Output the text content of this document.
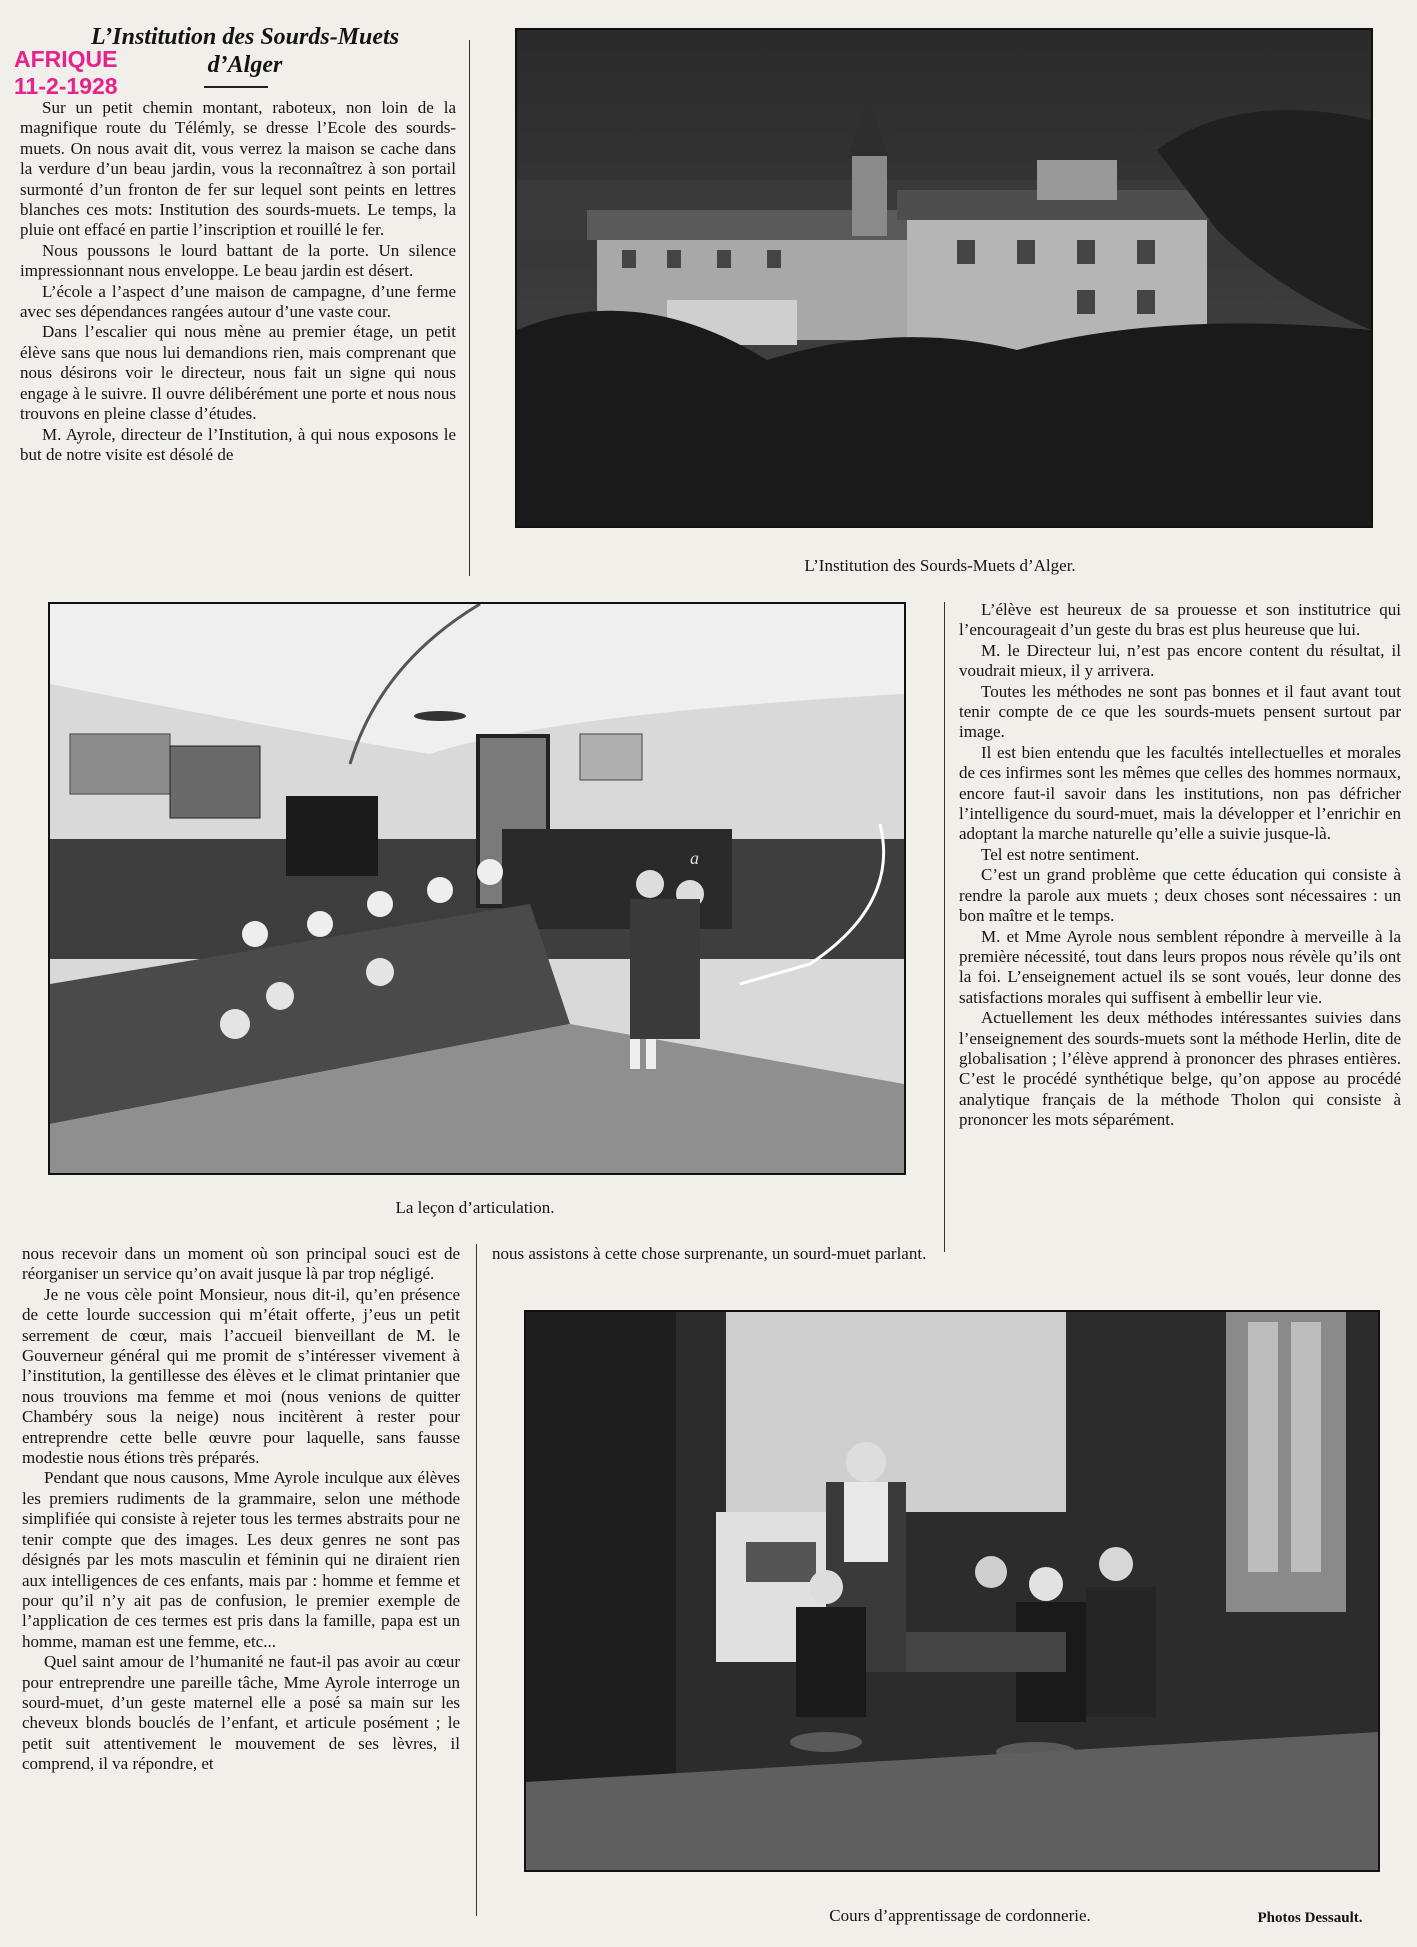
AFRIQUE
11-2-1928
L’Institution des Sourds-Muets
d’Alger

Sur un petit chemin montant, raboteux, non loin de la magnifique route du Télémly, se dresse l’Ecole des sourds-muets. On nous avait dit, vous verrez la maison se cache dans la verdure d’un beau jardin, vous la reconnaîtrez à son portail surmonté d’un fronton de fer sur lequel sont peints en lettres blanches ces mots: Institution des sourds-muets. Le temps, la pluie ont effacé en partie l’inscription et rouillé le fer.

Nous poussons le lourd battant de la porte. Un silence impressionnant nous enveloppe. Le beau jardin est désert.

L’école a l’aspect d’une maison de campagne, d’une ferme avec ses dépendances rangées autour d’une vaste cour.

Dans l’escalier qui nous mène au premier étage, un petit élève sans que nous lui demandions rien, mais comprenant que nous désirons voir le directeur, nous fait un signe qui nous engage à le suivre. Il ouvre délibérément une porte et nous nous trouvons en pleine classe d’études.

M. Ayrole, directeur de l’Institution, à qui nous exposons le but de notre visite est désolé de

L’Institution des Sourds-Muets d’Alger.
a
La leçon d’articulation.

L’élève est heureux de sa prouesse et son institutrice qui l’encourageait d’un geste du bras est plus heureuse que lui.

M. le Directeur lui, n’est pas encore content du résultat, il voudrait mieux, il y arrivera.

Toutes les méthodes ne sont pas bonnes et il faut avant tout tenir compte de ce que les sourds-muets pensent surtout par image.

Il est bien entendu que les facultés intellectuelles et morales de ces infirmes sont les mêmes que celles des hommes normaux, encore faut-il savoir dans les institutions, non pas défricher l’intelligence du sourd-muet, mais la développer et l’enrichir en adoptant la marche naturelle qu’elle a suivie jusque-là.

Tel est notre sentiment.

C’est un grand problème que cette éducation qui consiste à rendre la parole aux muets ; deux choses sont nécessaires : un bon maître et le temps.

M. et Mme Ayrole nous semblent répondre à merveille à la première nécessité, tout dans leurs propos nous révèle qu’ils ont la foi. L’enseignement actuel ils se sont voués, leur donne des satisfactions morales qui suffisent à embellir leur vie.

Actuellement les deux méthodes intéressantes suivies dans l’enseignement des sourds-muets sont la méthode Herlin, dite de globalisation ; l’élève apprend à prononcer des phrases entières. C’est le procédé synthétique belge, qu’on appose au procédé analytique français de la méthode Tholon qui consiste à prononcer les mots séparément.

nous recevoir dans un moment où son principal souci est de réorganiser un service qu’on avait jusque là par trop négligé.

Je ne vous cèle point Monsieur, nous dit-il, qu’en présence de cette lourde succession qui m’était offerte, j’eus un petit serrement de cœur, mais l’accueil bienveillant de M. le Gouverneur général qui me promit de s’intéresser vivement à l’institution, la gentillesse des élèves et le climat printanier que nous trouvions ma femme et moi (nous venions de quitter Chambéry sous la neige) nous incitèrent à rester pour entreprendre cette belle œuvre pour laquelle, sans fausse modestie nous étions très préparés.

Pendant que nous causons, Mme Ayrole inculque aux élèves les premiers rudiments de la grammaire, selon une méthode simplifiée qui consiste à rejeter tous les termes abstraits pour ne tenir compte que des images. Les deux genres ne sont pas désignés par les mots masculin et féminin qui ne diraient rien aux intelligences de ces enfants, mais par : homme et femme et pour qu’il n’y ait pas de confusion, le premier exemple de l’application de ces termes est pris dans la famille, papa est un homme, maman est une femme, etc...

Quel saint amour de l’humanité ne faut-il pas avoir au cœur pour entreprendre une pareille tâche, Mme Ayrole interroge un sourd-muet, d’un geste maternel elle a posé sa main sur les cheveux blonds bouclés de l’enfant, et articule posément ; le petit suit attentivement le mouvement de ses lèvres, il comprend, il va répondre, et

nous assistons à cette chose surprenante, un sourd-muet parlant.

Cours d’apprentissage de cordonnerie.	Photos Dessault.
